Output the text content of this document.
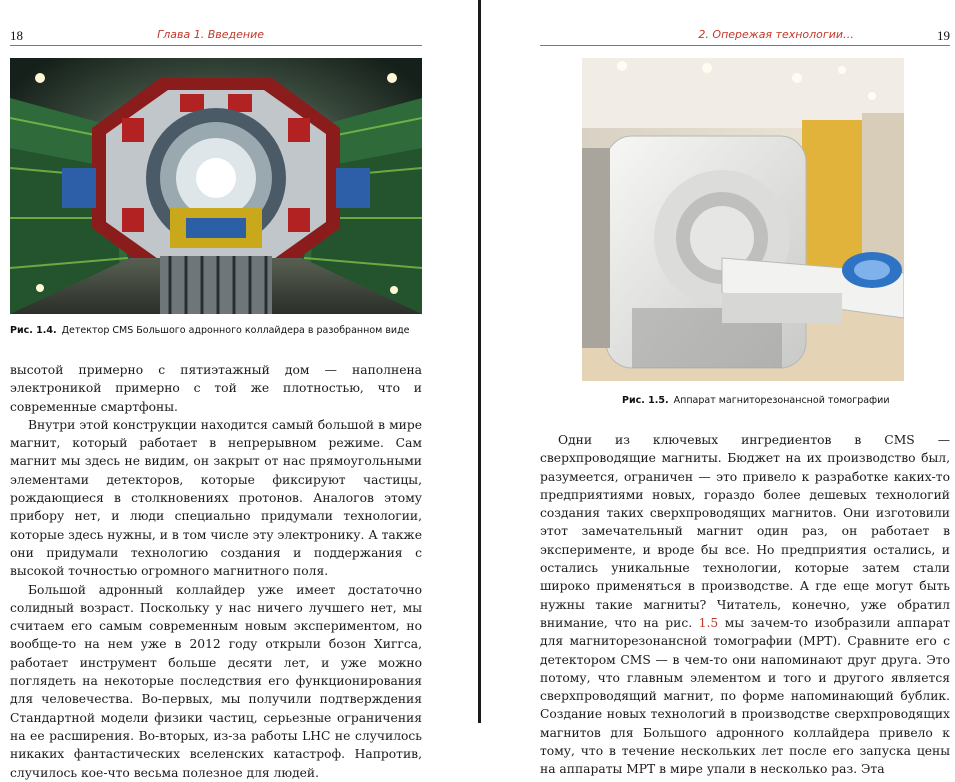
18	Глава 1. Введение
Рис. 1.4. Детектор CMS Большого адронного коллайдера в разобранном виде

высотой примерно с пятиэтажный дом — наполнена электроникой примерно с той же плотностью, что и современные смартфоны.

Внутри этой конструкции находится самый большой в мире магнит, который работает в непрерывном режиме. Сам магнит мы здесь не видим, он закрыт от нас прямоугольными элементами детекторов, которые фиксируют частицы, рождающиеся в столкновениях протонов. Аналогов этому прибору нет, и люди специально придумали технологии, которые здесь нужны, и в том числе эту электронику. А также они придумали технологию создания и поддержания с высокой точностью огромного магнитного поля.

Большой адронный коллайдер уже имеет достаточно солидный возраст. Поскольку у нас ничего лучшего нет, мы считаем его самым современным новым экспериментом, но вообще-то на нем уже в 2012 году открыли бозон Хиггса, работает инструмент больше десяти лет, и уже можно поглядеть на некоторые последствия его функционирования для человечества. Во-первых, мы получили подтверждения Стандартной модели физики частиц, серьезные ограничения на ее расширения. Во-вторых, из-за работы LHC не случилось никаких фантастических вселенских катастроф. Напротив, случилось кое-что весьма полезное для людей.

2. Опережая технологии…	19
Рис. 1.5. Аппарат магниторезонансной томографии

Одни из ключевых ингредиентов в CMS — сверхпроводящие магниты. Бюджет на их производство был, разумеется, ограничен — это привело к разработке каких-то предприятиями новых, гораздо более дешевых технологий создания таких сверхпроводящих магнитов. Они изготовили этот замечательный магнит один раз, он работает в эксперименте, и вроде бы все. Но предприятия остались, и остались уникальные технологии, которые затем стали широко применяться в производстве. А где еще могут быть нужны такие магниты? Читатель, конечно, уже обратил внимание, что на рис. 1.5 мы зачем-то изобразили аппарат для магниторезонансной томографии (МРТ). Сравните его с детектором CMS — в чем-то они напоминают друг друга. Это потому, что главным элементом и того и другого является сверхпроводящий магнит, по форме напоминающий бублик. Создание новых технологий в производстве сверхпроводящих магнитов для Большого адронного коллайдера привело к тому, что в течение нескольких лет после его запуска цены на аппараты МРТ в мире упали в несколько раз. Эта
